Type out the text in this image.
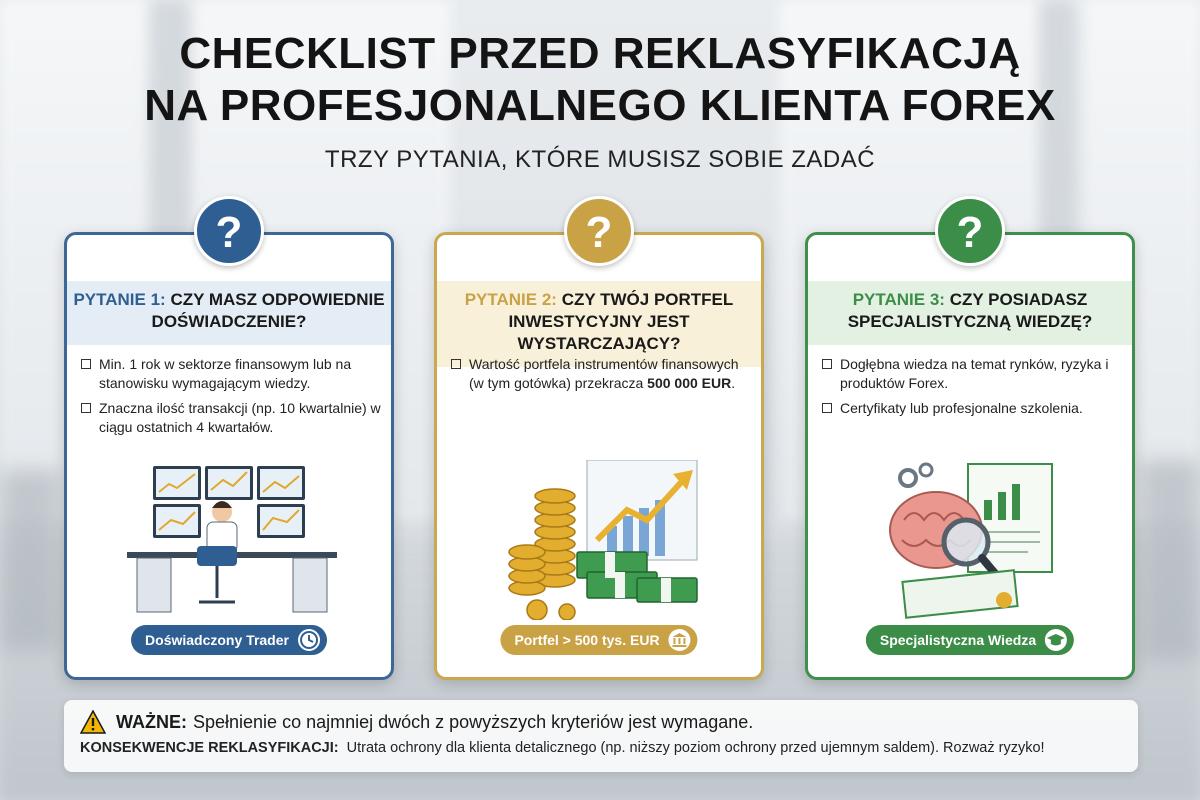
CHECKLIST PRZED REKLASYFIKACJĄ
NA PROFESJONALNEGO KLIENTA FOREX
TRZY PYTANIA, KTÓRE MUSISZ SOBIE ZADAĆ
?	?	?
PYTANIE 1: CZY MASZ ODPOWIEDNIE DOŚWIADCZENIE?
Min. 1 rok w sektorze finansowym lub na stanowisku wymagającym wiedzy.
Znaczna ilość transakcji (np. 10 kwartalnie) w ciągu ostatnich 4 kwartałów.
Doświadczony Trader
PYTANIE 2: CZY TWÓJ PORTFEL INWESTYCYJNY JEST WYSTARCZAJĄCY?
Wartość portfela instrumentów finansowych (w tym gotówka) przekracza 500 000 EUR.
Portfel > 500 tys. EUR
PYTANIE 3: CZY POSIADASZ SPECJALISTYCZNĄ WIEDZĘ?
Dogłębna wiedza na temat rynków, ryzyka i produktów Forex.
Certyfikaty lub profesjonalne szkolenia.
Specjalistyczna Wiedza
WAŻNE: Spełnienie co najmniej dwóch z powyższych kryteriów jest wymagane.
KONSEKWENCJE REKLASYFIKACJI: Utrata ochrony dla klienta detalicznego (np. niższy poziom ochrony przed ujemnym saldem). Rozważ ryzyko!
